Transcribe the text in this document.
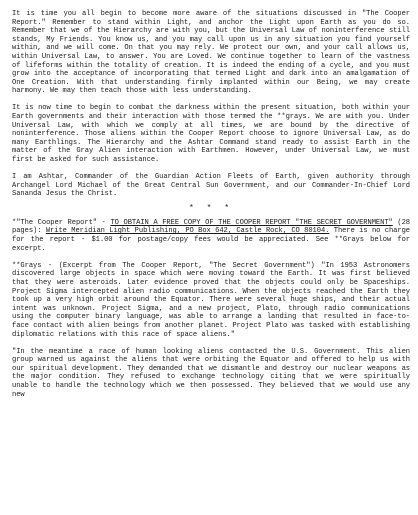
It is time you all begin to become more aware of the situations discussed in "The Cooper Report." Remember to stand within Light, and anchor the Light upon Earth as you do so. Remember that we of the Hierarchy are with you, but the Universal Law of noninterference still stands, My Friends. You know us, and you may call upon us in any situation you find yourself within, and we will come. On that you may rely. We protect our own, and your call allows us, within Universal Law, to answer. You are Loved. We continue together to learn of the vastness of lifeforms within the totality of creation. It is indeed the ending of a cycle, and you must grow into the acceptance of incorporating that termed Light and dark into an amalgamation of One Creation. With that understanding firmly implanted within our Being, we may create harmony. We may then teach those with less understanding.

It is now time to begin to combat the darkness within the present situation, both within your Earth governments and their interaction with those termed the **grays. We are with you. Under Universal Law, with which we comply at all times, we are bound by the directive of noninterference. Those aliens within the Cooper Report choose to ignore Universal Law, as do many Earthlings. The Hierarchy and the Ashtar Command stand ready to assist Earth in the matter of the Gray Alien interaction with Earthmen. However, under Universal Law, we must first be asked for such assistance.

I am Ashtar, Commander of the Guardian Action Fleets of Earth, given authority through Archangel Lord Michael of the Great Central Sun Government, and our Commander-In-Chief Lord Sananda Jesus the Christ.

* * *

*"The Cooper Report" - TO OBTAIN A FREE COPY OF THE COOPER REPORT "THE SECRET GOVERNMENT" (28 pages): Write Meridian Light Publishing, PO Box 642, Castle Rock, CO 80104. There is no charge for the report - $1.00 for postage/copy fees would be appreciated. See **Grays below for excerpt.

**Grays - (Excerpt from The Cooper Report, "The Secret Government") "In 1953 Astronomers discovered large objects in space which were moving toward the Earth. It was first believed that they were asteroids. Later evidence proved that the objects could only be Spaceships. Project Sigma intercepted alien radio communications. When the objects reached the Earth they took up a very high orbit around the Equator. There were several huge ships, and their actual intent was unknown. Project Sigma, and a new project, Plato, through radio communications using the computer binary language, was able to arrange a landing that resulted in face-to-face contact with alien beings from another planet. Project Plato was tasked with establishing diplomatic relations with this race of space aliens."

"In the meantime a race of human looking aliens contacted the U.S. Government. This alien group warned us against the aliens that were orbiting the Equator and offered to help us with our spiritual development. They demanded that we dismantle and destroy our nuclear weapons as the major condition. They refused to exchange technology citing that we were spiritually unable to handle the technology which we then possessed. They believed that we would use any new
